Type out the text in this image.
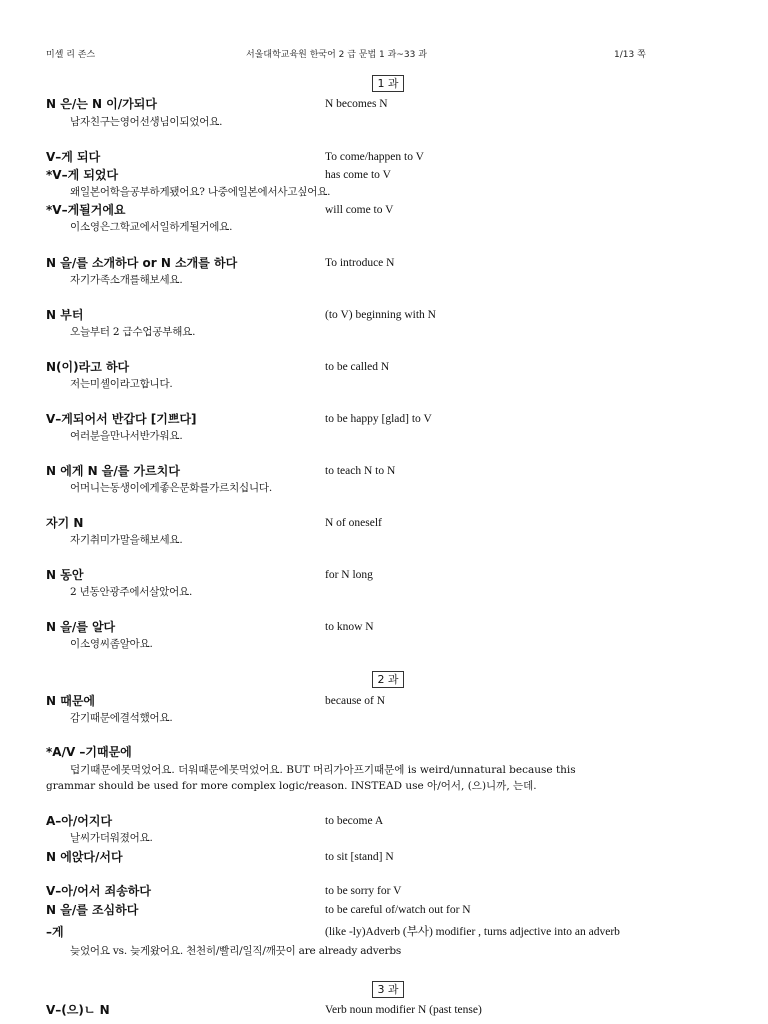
미셸 리 존스	서울대학교육원 한국어 2 급 문법 1 과~33 과	1/13 쪽
1 과
N 은/는 N 이/가되다	N becomes N
남자친구는영어선생님이되었어요.
V–게 되다	To come/happen to V
*V–게 되었다	has come to V
왜일본어학을공부하게됐어요? 나중에일본에서사고싶어요.
*V–게될거에요	will come to V
이소영은그학교에서일하게될거에요.
N 을/를 소개하다 or N 소개를 하다	To introduce N
자기가족소개를해보세요.
N 부터	(to V) beginning with N
오늘부터 2 급수업공부해요.
N(이)라고 하다	to be called N
저는미셸이라고합니다.
V–게되어서 반갑다 [기쁘다]	to be happy [glad] to V
여러분을만나서반가워요.
N 에게 N 을/를 가르치다	to teach N to N
어머니는동생이에게좋은문화를가르치십니다.
자기 N	N of oneself
자기취미가말을해보세요.
N 동안	for N long
2 년동안광주에서살았어요.
N 을/를 알다	to know N
이소영씨좀알아요.
2 과
N 때문에	because of N
감기때문에결석했어요.
*A/V –기때문에
덥기때문에못먹었어요. 더워때문에못먹었어요. BUT 머리가아프기때문에 is weird/unnatural because this
grammar should be used for more complex logic/reason. INSTEAD use 아/어서, (으)니까, 는데.
A–아/어지다	to become A
날씨가더워졌어요.
N 에앉다/서다	to sit [stand] N
V–아/어서 죄송하다	to be sorry for V
N 을/를 조심하다	to be careful of/watch out for N
–게	(like -ly)Adverb (부사) modifier , turns adjective into an adverb
늦었어요 vs. 늦게왔어요. 천천히/빨리/일직/깨끗이 are already adverbs
3 과
V–(으)ㄴ N	Verb noun modifier N (past tense)
